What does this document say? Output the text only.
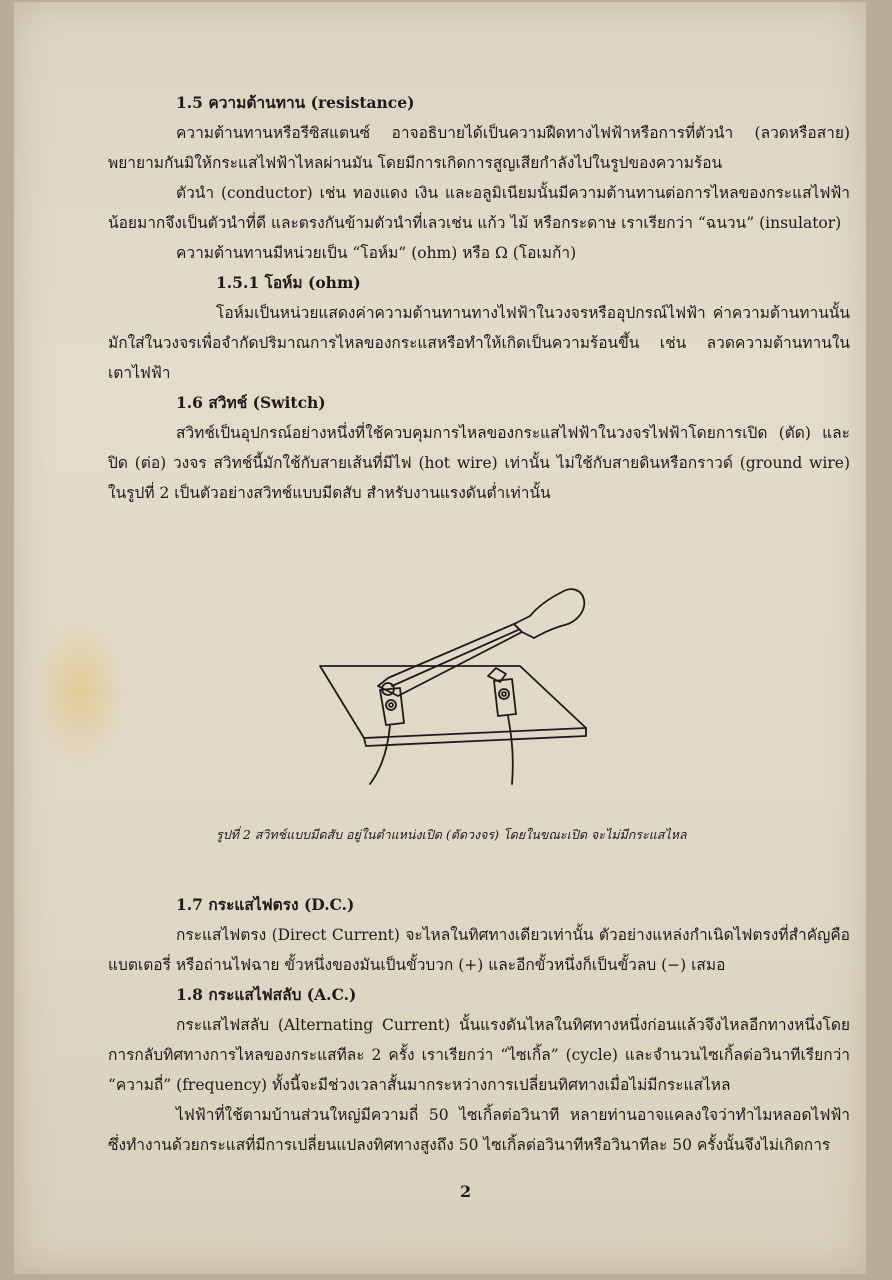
1.5 ความต้านทาน (resistance)

ความต้านทานหรือรีซิสแตนซ์ อาจอธิบายได้เป็นความฝืดทางไฟฟ้าหรือการที่ตัวนำ (ลวดหรือสาย) พยายามกันมิให้กระแสไฟฟ้าไหลผ่านมัน โดยมีการเกิดการสูญเสียกำลังไปในรูปของความร้อน

ตัวนำ (conductor) เช่น ทองแดง เงิน และอลูมิเนียมนั้นมีความต้านทานต่อการไหลของกระแสไฟฟ้าน้อยมากจึงเป็นตัวนำที่ดี และตรงกันข้ามตัวนำที่เลวเช่น แก้ว ไม้ หรือกระดาษ เราเรียกว่า “ฉนวน” (insulator)

ความต้านทานมีหน่วยเป็น “โอห์ม” (ohm) หรือ Ω (โอเมก้า)

1.5.1 โอห์ม (ohm)

โอห์มเป็นหน่วยแสดงค่าความต้านทานทางไฟฟ้าในวงจรหรืออุปกรณ์ไฟฟ้า ค่าความต้านทานนั้นมักใส่ในวงจรเพื่อจำกัดปริมาณการไหลของกระแสหรือทำให้เกิดเป็นความร้อนขึ้น เช่น ลวดความต้านทานในเตาไฟฟ้า

1.6 สวิทช์ (Switch)

สวิทช์เป็นอุปกรณ์อย่างหนึ่งที่ใช้ควบคุมการไหลของกระแสไฟฟ้าในวงจรไฟฟ้าโดยการเปิด (ตัด) และปิด (ต่อ) วงจร สวิทช์นี้มักใช้กับสายเส้นที่มีไฟ (hot wire) เท่านั้น ไม่ใช้กับสายดินหรือกราวด์ (ground wire) ในรูปที่ 2 เป็นตัวอย่างสวิทช์แบบมีดสับ สำหรับงานแรงดันต่ำเท่านั้น

รูปที่ 2 สวิทช์แบบมีดสับ อยู่ในตำแหน่งเปิด (ตัดวงจร) โดยในขณะเปิด จะไม่มีกระแสไหล

1.7 กระแสไฟตรง (D.C.)

กระแสไฟตรง (Direct Current) จะไหลในทิศทางเดียวเท่านั้น ตัวอย่างแหล่งกำเนิดไฟตรงที่สำคัญคือแบตเตอรี่ หรือถ่านไฟฉาย ขั้วหนึ่งของมันเป็นขั้วบวก (+) และอีกขั้วหนึ่งก็เป็นขั้วลบ (−) เสมอ

1.8 กระแสไฟสลับ (A.C.)

กระแสไฟสลับ (Alternating Current) นั้นแรงดันไหลในทิศทางหนึ่งก่อนแล้วจึงไหลอีกทางหนึ่งโดยการกลับทิศทางการไหลของกระแสทีละ 2 ครั้ง เราเรียกว่า “ไซเกิ้ล” (cycle) และจำนวนไซเกิ้ลต่อวินาทีเรียกว่า “ความถี่” (frequency) ทั้งนี้จะมีช่วงเวลาสั้นมากระหว่างการเปลี่ยนทิศทางเมื่อไม่มีกระแสไหล

ไฟฟ้าที่ใช้ตามบ้านส่วนใหญ่มีความถี่ 50 ไซเกิ้ลต่อวินาที หลายท่านอาจแคลงใจว่าทำไมหลอดไฟฟ้าซึ่งทำงานด้วยกระแสที่มีการเปลี่ยนแปลงทิศทางสูงถึง 50 ไซเกิ้ลต่อวินาทีหรือวินาทีละ 50 ครั้งนั้นจึงไม่เกิดการ

2
